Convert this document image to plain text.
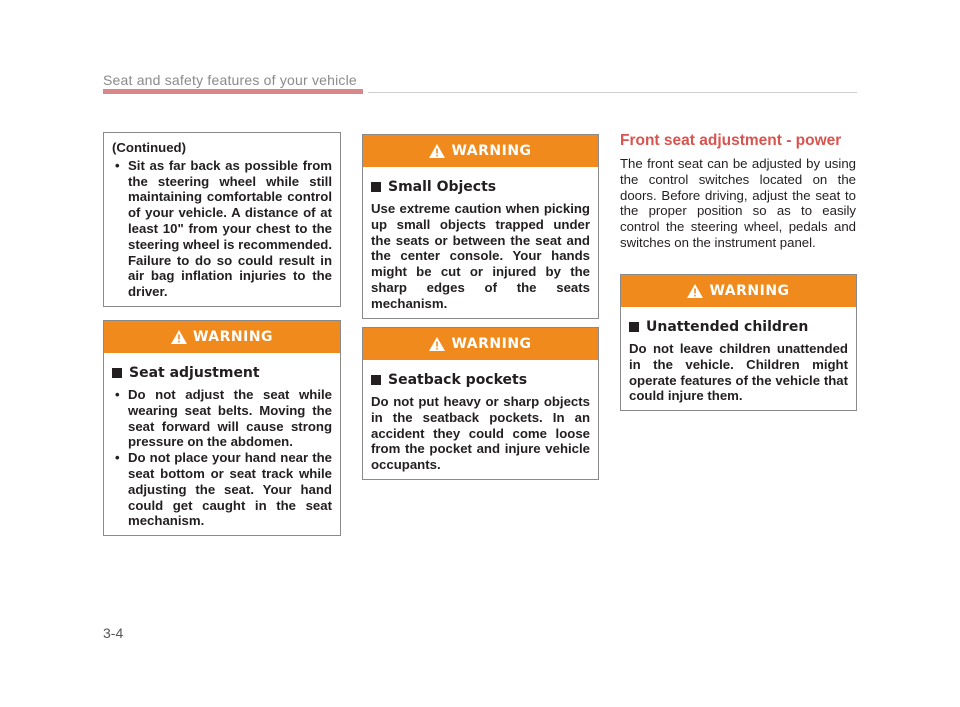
Seat and safety features of your vehicle
(Continued)
• Sit as far back as possible from the steering wheel while still maintaining comfortable control of your vehicle. A distance of at least 10" from your chest to the steering wheel is recommended. Failure to do so could result in air bag inflation injuries to the driver.
WARNING
Seat adjustment
• Do not adjust the seat while wearing seat belts. Moving the seat forward will cause strong pressure on the abdomen.
• Do not place your hand near the seat bottom or seat track while adjusting the seat. Your hand could get caught in the seat mechanism.
WARNING
Small Objects

Use extreme caution when picking up small objects trapped under the seats or between the seat and the center console. Your hands might be cut or injured by the sharp edges of the seats mechanism.

WARNING
Seatback pockets

Do not put heavy or sharp objects in the seatback pockets. In an accident they could come loose from the pocket and injure vehicle occupants.

Front seat adjustment - power

The front seat can be adjusted by using the control switches located on the doors. Before driving, adjust the seat to the proper position so as to easily control the steering wheel, pedals and switches on the instrument panel.

WARNING
Unattended children

Do not leave children unattended in the vehicle. Children might operate features of the vehicle that could injure them.

3-4
